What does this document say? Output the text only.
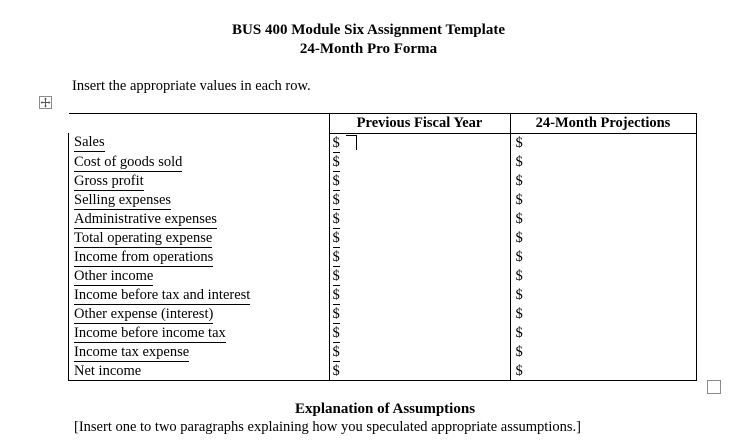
BUS 400 Module Six Assignment Template
24-Month Pro Forma
Insert the appropriate values in each row.
	Previous Fiscal Year	24-Month Projections
Sales	$	$
Cost of goods sold	$	$
Gross profit	$	$
Selling expenses	$	$
Administrative expenses	$	$
Total operating expense	$	$
Income from operations	$	$
Other income	$	$
Income before tax and interest	$	$
Other expense (interest)	$	$
Income before income tax	$	$
Income tax expense	$	$
Net income	$	$
Explanation of Assumptions
[Insert one to two paragraphs explaining how you speculated appropriate assumptions.]
